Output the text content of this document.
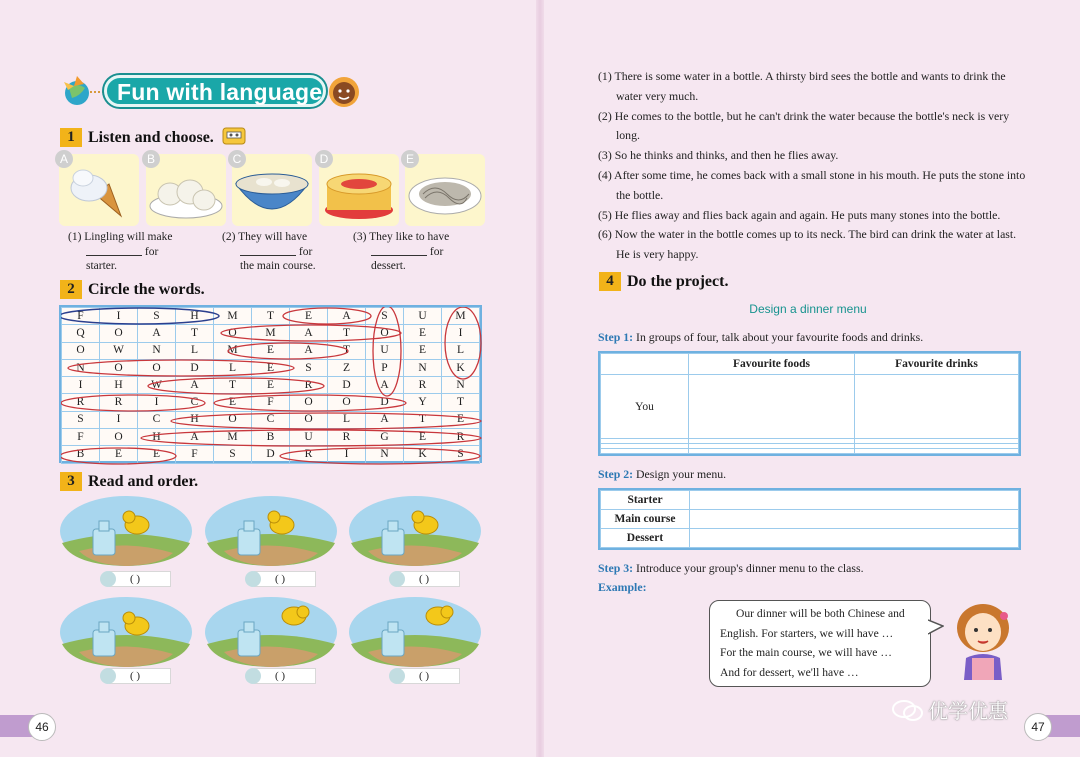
Fun with language
1 Listen and choose.
A	B	C	D	E
(1) Lingling will make
for
starter.
(2) They will have
for
the main course.
(3) They like to have
for
dessert.
2 Circle the words.
F	I	S	H	M	T	E	A	S	U	M
Q	O	A	T	O	M	A	T	O	E	I
O	W	N	L	M	E	A	T	U	E	L
N	O	O	D	L	E	S	Z	P	N	K
I	H	W	A	T	E	R	D	A	R	N
R	R	I	C	E	F	O	O	D	Y	T
S	I	C	H	O	C	O	L	A	T	E
F	O	H	A	M	B	U	R	G	E	R
B	E	E	F	S	D	R	I	N	K	S
3 Read and order.
( )	( )	( )
( )	( )	( )
46

(1) There is some water in a bottle. A thirsty bird sees the bottle and wants to drink the water very much.

(2) He comes to the bottle, but he can't drink the water because the bottle's neck is very long.

(3) So he thinks and thinks, and then he flies away.

(4) After some time, he comes back with a small stone in his mouth. He puts the stone into the bottle.

(5) He flies away and flies back again and again. He puts many stones into the bottle.

(6) Now the water in the bottle comes up to its neck. The bird can drink the water at last. He is very happy.

4 Do the project.
Design a dinner menu
Step 1: In groups of four, talk about your favourite foods and drinks.
	Favourite foods	Favourite drinks
You		

Step 2: Design your menu.
Starter	
Main course	
Dessert	
Step 3: Introduce your group's dinner menu to the class.
Example:

Our dinner will be both Chinese and

English. For starters, we will have …

For the main course, we will have …

And for dessert, we'll have …

优学优惠
47
